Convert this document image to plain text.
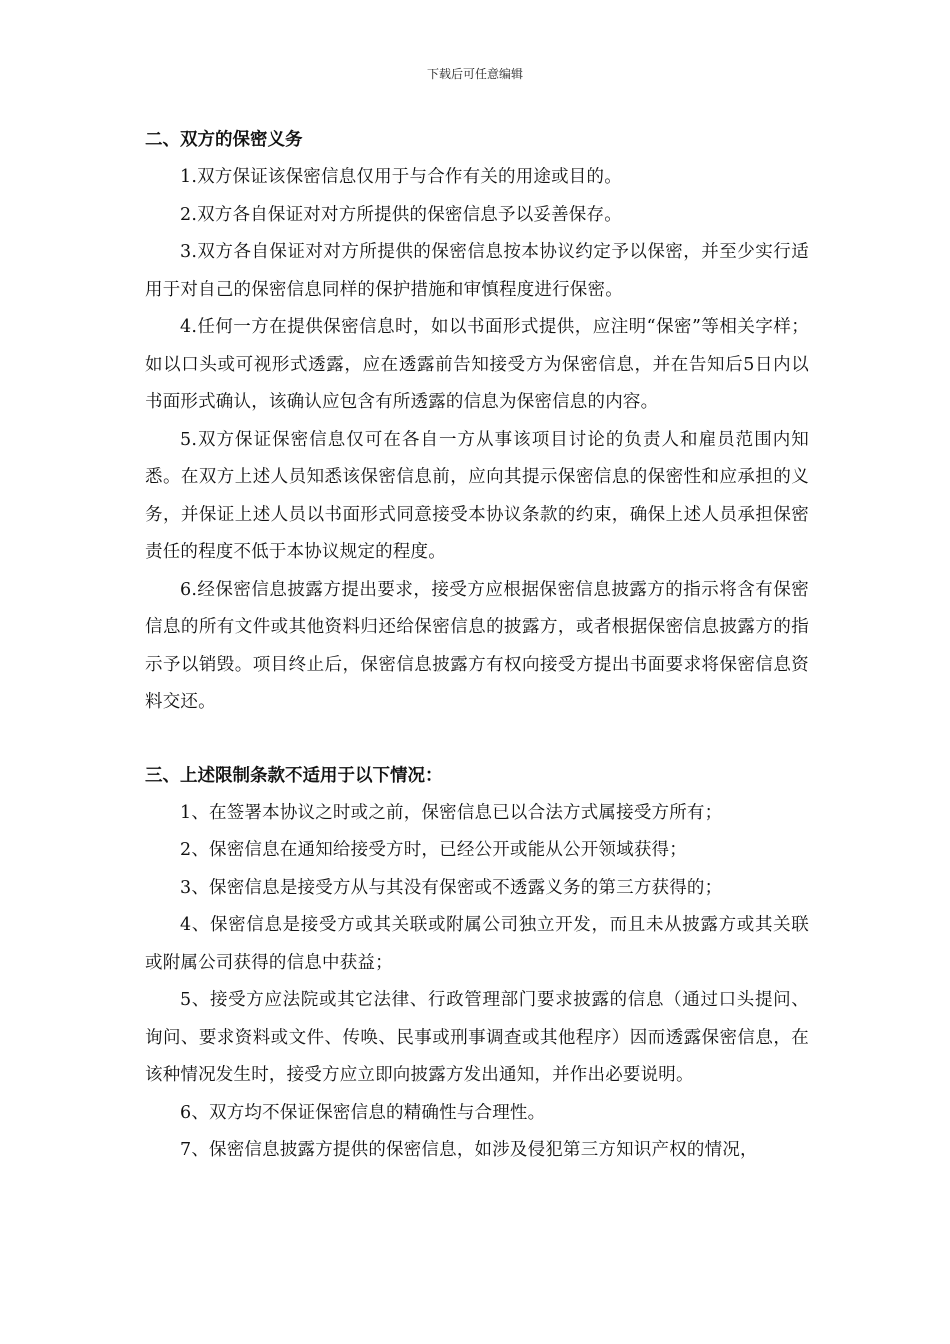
下载后可任意编辑

二、双方的保密义务

1.双方保证该保密信息仅用于与合作有关的用途或目的。

2.双方各自保证对对方所提供的保密信息予以妥善保存。

3.双方各自保证对对方所提供的保密信息按本协议约定予以保密，并至少实行适用于对自己的保密信息同样的保护措施和审慎程度进行保密。

4.任何一方在提供保密信息时，如以书面形式提供，应注明“保密”等相关字样；如以口头或可视形式透露，应在透露前告知接受方为保密信息，并在告知后5日内以书面形式确认，该确认应包含有所透露的信息为保密信息的内容。

5.双方保证保密信息仅可在各自一方从事该项目讨论的负责人和雇员范围内知悉。在双方上述人员知悉该保密信息前，应向其提示保密信息的保密性和应承担的义务，并保证上述人员以书面形式同意接受本协议条款的约束，确保上述人员承担保密责任的程度不低于本协议规定的程度。

6.经保密信息披露方提出要求，接受方应根据保密信息披露方的指示将含有保密信息的所有文件或其他资料归还给保密信息的披露方，或者根据保密信息披露方的指示予以销毁。项目终止后，保密信息披露方有权向接受方提出书面要求将保密信息资料交还。

三、上述限制条款不适用于以下情况：

1、在签署本协议之时或之前，保密信息已以合法方式属接受方所有；

2、保密信息在通知给接受方时，已经公开或能从公开领域获得；

3、保密信息是接受方从与其没有保密或不透露义务的第三方获得的；

4、保密信息是接受方或其关联或附属公司独立开发，而且未从披露方或其关联或附属公司获得的信息中获益；

5、接受方应法院或其它法律、行政管理部门要求披露的信息（通过口头提问、询问、要求资料或文件、传唤、民事或刑事调查或其他程序）因而透露保密信息，在该种情况发生时，接受方应立即向披露方发出通知，并作出必要说明。

6、双方均不保证保密信息的精确性与合理性。

7、保密信息披露方提供的保密信息，如涉及侵犯第三方知识产权的情况，
